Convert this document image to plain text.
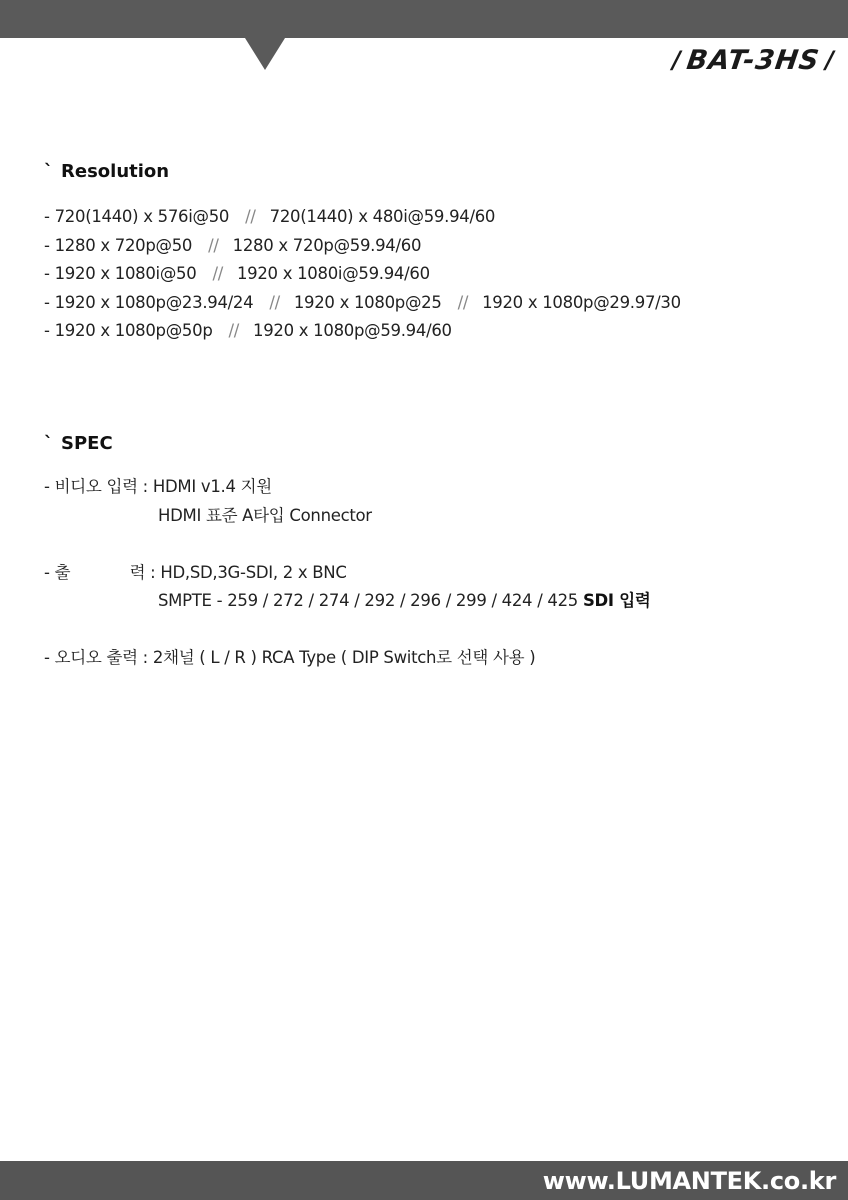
/ BAT-3HS /
` Resolution
- 720(1440) x 576i@50 // 720(1440) x 480i@59.94/60
- 1280 x 720p@50 // 1280 x 720p@59.94/60
- 1920 x 1080i@50 // 1920 x 1080i@59.94/60
- 1920 x 1080p@23.94/24 // 1920 x 1080p@25 // 1920 x 1080p@29.97/30
- 1920 x 1080p@50p // 1920 x 1080p@59.94/60
` SPEC
- 비디오 입력 : HDMI v1.4 지원
HDMI 표준 A타입 Connector
- 출            력 : HD,SD,3G-SDI, 2 x BNC
SMPTE - 259 / 272 / 274 / 292 / 296 / 299 / 424 / 425 SDI 입력
- 오디오 출력 : 2채널 ( L / R ) RCA Type ( DIP Switch로 선택 사용 )
www.LUMANTEK.co.kr
